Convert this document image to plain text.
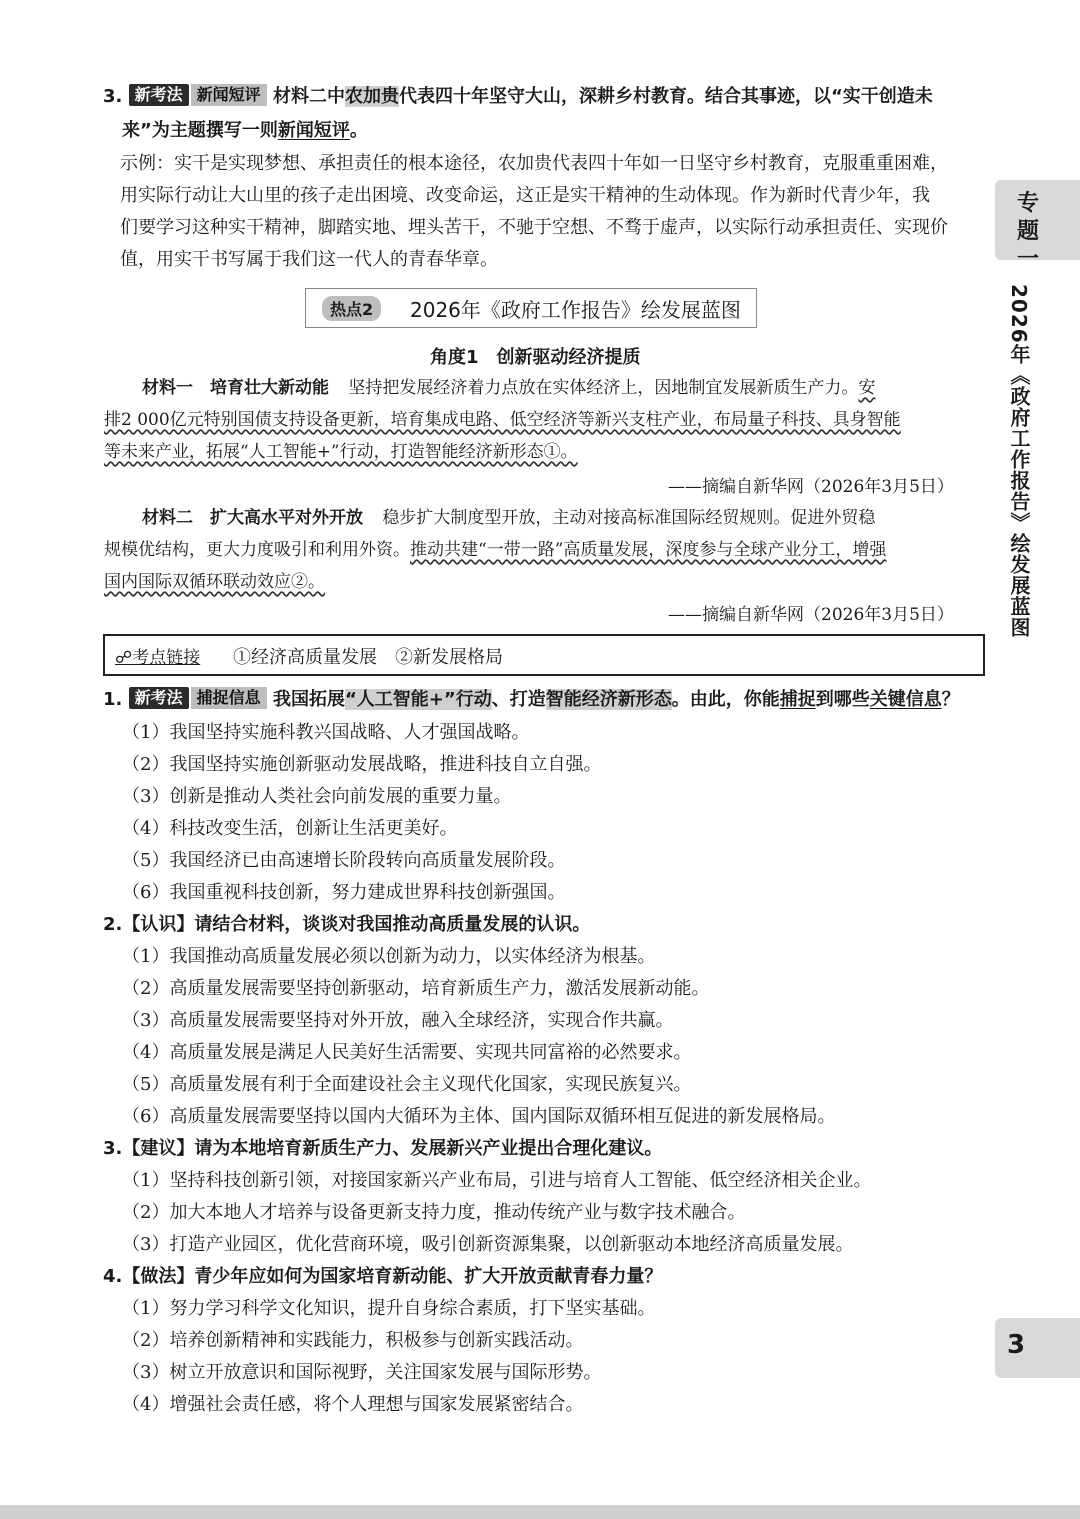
3. 新考法 新闻短评 材料二中农加贵代表四十年坚守大山，深耕乡村教育。结合其事迹，以“实干创造未
来”为主题撰写一则新闻短评。
示例：实干是实现梦想、承担责任的根本途径，农加贵代表四十年如一日坚守乡村教育，克服重重困难，
用实际行动让大山里的孩子走出困境、改变命运，这正是实干精神的生动体现。作为新时代青少年，我
们要学习这种实干精神，脚踏实地、埋头苦干，不驰于空想、不骛于虚声，以实际行动承担责任、实现价
值，用实干书写属于我们这一代人的青春华章。
热点2	2026年《政府工作报告》绘发展蓝图
角度1　创新驱动经济提质
材料一　培育壮大新动能 坚持把发展经济着力点放在实体经济上，因地制宜发展新质生产力。安
排2 000亿元特别国债支持设备更新，培育集成电路、低空经济等新兴支柱产业，布局量子科技、具身智能
等未来产业，拓展“人工智能+”行动，打造智能经济新形态①。
——摘编自新华网（2026年3月5日）
材料二　扩大高水平对外开放 稳步扩大制度型开放，主动对接高标准国际经贸规则。促进外贸稳
规模优结构，更大力度吸引和利用外资。推动共建“一带一路”高质量发展，深度参与全球产业分工，增强
国内国际双循环联动效应②。
——摘编自新华网（2026年3月5日）
☍考点链接 ①经济高质量发展　②新发展格局
1. 新考法 捕捉信息 我国拓展“人工智能+”行动、打造智能经济新形态。由此，你能捕捉到哪些关键信息？
（1）我国坚持实施科教兴国战略、人才强国战略。
（2）我国坚持实施创新驱动发展战略，推进科技自立自强。
（3）创新是推动人类社会向前发展的重要力量。
（4）科技改变生活，创新让生活更美好。
（5）我国经济已由高速增长阶段转向高质量发展阶段。
（6）我国重视科技创新，努力建成世界科技创新强国。
2.【认识】请结合材料，谈谈对我国推动高质量发展的认识。
（1）我国推动高质量发展必须以创新为动力，以实体经济为根基。
（2）高质量发展需要坚持创新驱动，培育新质生产力，激活发展新动能。
（3）高质量发展需要坚持对外开放，融入全球经济，实现合作共赢。
（4）高质量发展是满足人民美好生活需要、实现共同富裕的必然要求。
（5）高质量发展有利于全面建设社会主义现代化国家，实现民族复兴。
（6）高质量发展需要坚持以国内大循环为主体、国内国际双循环相互促进的新发展格局。
3.【建议】请为本地培育新质生产力、发展新兴产业提出合理化建议。
（1）坚持科技创新引领，对接国家新兴产业布局，引进与培育人工智能、低空经济相关企业。
（2）加大本地人才培养与设备更新支持力度，推动传统产业与数字技术融合。
（3）打造产业园区，优化营商环境，吸引创新资源集聚，以创新驱动本地经济高质量发展。
4.【做法】青少年应如何为国家培育新动能、扩大开放贡献青春力量？
（1）努力学习科学文化知识，提升自身综合素质，打下坚实基础。
（2）培养创新精神和实践能力，积极参与创新实践活动。
（3）树立开放意识和国际视野，关注国家发展与国际形势。
（4）增强社会责任感，将个人理想与国家发展紧密结合。
专题一
2026年《政府工作报告》绘发展蓝图
3
